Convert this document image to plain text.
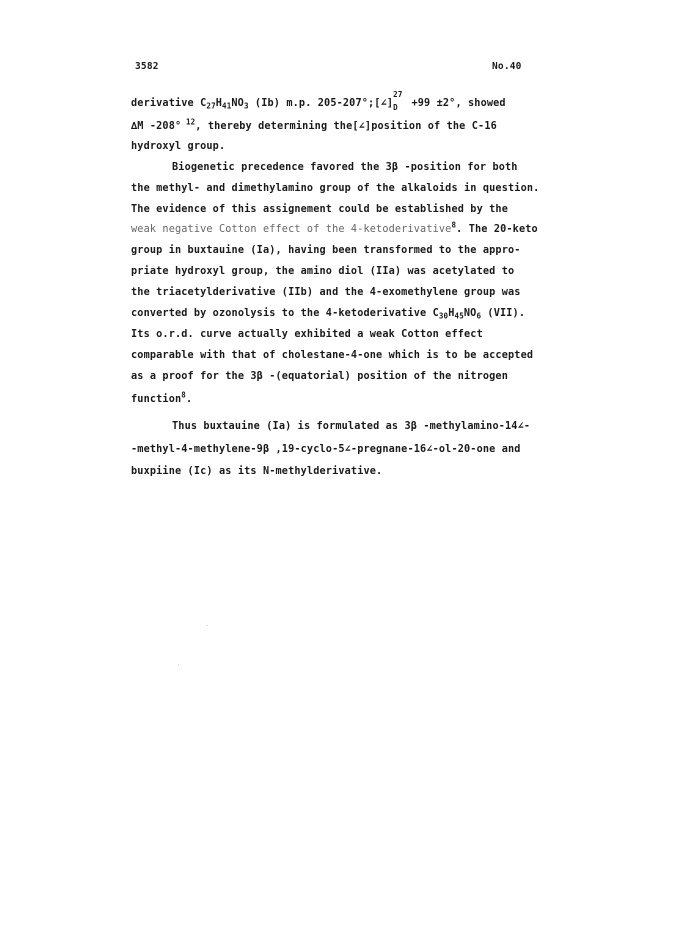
3582	No.40
derivative $C_{27}H_{41}NO_3$ (Ib) m.p. 205-207°;[∠]
27
D +99 ±2°, showed
∆M -208° $^{12}$, thereby determining the[∠]position of the C-16
hydroxyl group.
Biogenetic precedence favored the 3β -position for both
the methyl- and dimethylamino group of the alkaloids in question.
The evidence of this assignement could be established by the
weak negative Cotton effect of the 4-ketoderivative$^8$. The 20-keto
group in buxtauine (Ia), having been transformed to the appro-
priate hydroxyl group, the amino diol (IIa) was acetylated to
the triacetylderivative (IIb) and the 4-exomethylene group was
converted by ozonolysis to the 4-ketoderivative $C_{30}H_{45}NO_6$ (VII).
Its o.r.d. curve actually exhibited a weak Cotton effect
comparable with that of cholestane-4-one which is to be accepted
as a proof for the 3β -(equatorial) position of the nitrogen
function$^8$.
Thus buxtauine (Ia) is formulated as 3β -methylamino-14∠-
-methyl-4-methylene-9β ,19-cyclo-5∠-pregnane-16∠-ol-20-one and
buxpiine (Ic) as its N-methylderivative.
